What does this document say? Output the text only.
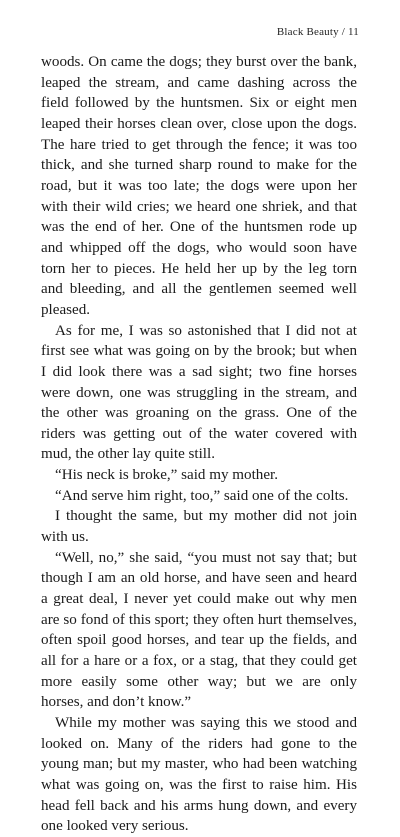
Black Beauty / 11

woods. On came the dogs; they burst over the bank, leaped the stream, and came dashing across the field followed by the huntsmen. Six or eight men leaped their horses clean over, close upon the dogs. The hare tried to get through the fence; it was too thick, and she turned sharp round to make for the road, but it was too late; the dogs were upon her with their wild cries; we heard one shriek, and that was the end of her. One of the huntsmen rode up and whipped off the dogs, who would soon have torn her to pieces. He held her up by the leg torn and bleeding, and all the gentlemen seemed well pleased.

As for me, I was so astonished that I did not at first see what was going on by the brook; but when I did look there was a sad sight; two fine horses were down, one was struggling in the stream, and the other was groaning on the grass. One of the riders was getting out of the water covered with mud, the other lay quite still.

“His neck is broke,” said my mother.

“And serve him right, too,” said one of the colts.

I thought the same, but my mother did not join with us.

“Well, no,” she said, “you must not say that; but though I am an old horse, and have seen and heard a great deal, I never yet could make out why men are so fond of this sport; they often hurt themselves, often spoil good horses, and tear up the fields, and all for a hare or a fox, or a stag, that they could get more easily some other way; but we are only horses, and don’t know.”

While my mother was saying this we stood and looked on. Many of the riders had gone to the young man; but my master, who had been watching what was going on, was the first to raise him. His head fell back and his arms hung down, and every one looked very serious.
